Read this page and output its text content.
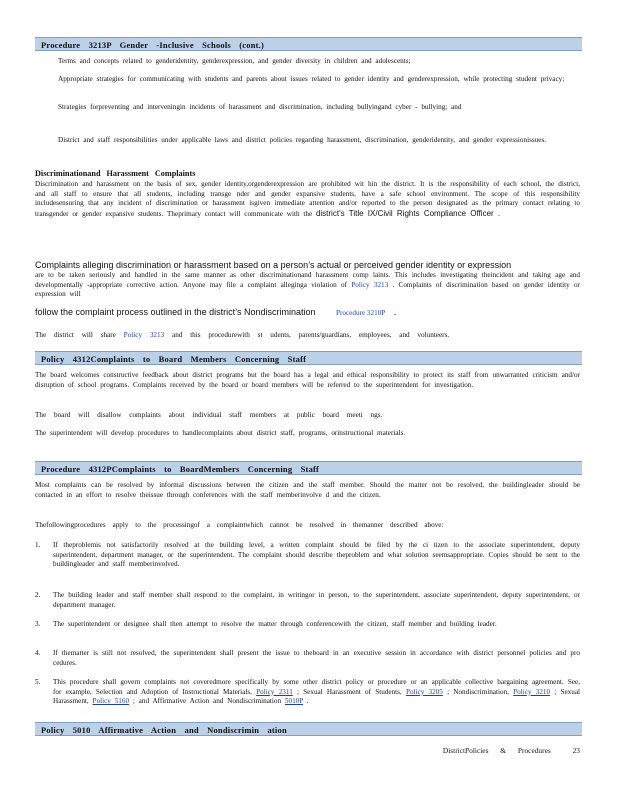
Procedure 3213P Gender -Inclusive Schools (cont.)
Terms and concepts related to genderidentity, genderexpression, and gender diversity in children and adolescents;
Appropriate strategies for communicating with students and parents about issues related to gender identity and genderexpression, while protecting student privacy;
Strategies forpreventing and interveningin incidents of harassment and discrimination, including bullyingand cyber - bullying; and
District and staff responsibilities under applicable laws and district policies regarding harassment, discrimination, genderidentity, and gender expressionissues.
Discriminationand Harassment Complaints
Discrimination and harassment on the basis of sex, gender identity,orgenderexpression are prohibited wit hin the district. It is the responsibility of each school, the district, and all staff to ensure that all students, including transge nder and gender expansive students, have a safe school environment. The scope of this responsibility includesensuring that any incident of discrimination or harassment isgiven immediate attention and/or reported to the person designated as the primary contact relating to transgender or gender expansive students. Theprimary contact will communicate with the district’s Title IX/Civil Rights Compliance Officer .
Complaints alleging discrimination or harassment based on a person’s actual or perceived gender identity or expression
are to be taken seriously and handled in the same manner as other discriminationand harassment comp laints. This includes investigating theincident and taking age and developmentally -appropriate corrective action. Anyone may file a complaint allegingа violation of Policy 3213 . Complaints of discrimination based on gender identity or expression will
follow the complaint process outlined in the district’s Nondiscrimination	Procedure 3210P .
The district will share Policy 3213 and this procedurewith st udents, parents/guardians, employees, and volunteers.
Policy 4312Complaints to Board Members Concerning Staff
The board welcomes constructive feedback about district programs but the board has a legal and ethical responsibility to protect its staff from unwarranted criticism and/or disruption of school programs. Complaints received by the board or board members will be referred to the superintendent for investigation.
The board will disallow complaints about individual staff members at public board meeti ngs.
The superintendent will develop procedures to handlecomplaints about district staff, programs, orinstructional materials.
Procedure 4312PComplaints to BoardMembers Concerning Staff
Most complaints can be resolved by informal discussions between the citizen and the staff member. Should the matter not be resolved, the buildingleader should be contacted in an effort to resolve theissue through conferences with the staff memberinvolve d and the citizen.
Thefollowingprocedures apply to the processingof a complaintwhich cannot be resolved in themanner described above:
1.	If theproblemis not satisfactorily resolved at the building level, a written complaint should be filed by the ci tizen to the associate superintendent, deputy superintendent, department manager, or the superintendent. The complaint should describe theproblem and what solution seemsappropriate. Copies should be sent to the buildingleader and staff memberinvolved.
2.	The building leader and staff member shall respond to the complaint, in writingor in person, to the superintendent, associate superintendent, deputy superintendent, or department manager.
3.	The superintendent or designee shall then attempt to resolve the matter through conferencewith the citizen, staff member and building leader.
4.	If thematter is still not resolved, the superintendent shall present the issue to theboard in an executive session in accordance with district personnel policies and pro cedures.
5.	This procedure shall govern complaints not coveredmore specifically by some other district policy or procedure or an applicable collective bargaining agreement. See, for example, Selection and Adoption of Instructional Materials, Policy 2311 ; Sexual Harassment of Students, Policy 3205 ; Nondiscrimination, Policy 3210 ; Sexual Harassment, Policy 5160 ; and Affirmative Action and Nondiscrimination 5010P .
Policy 5010 Affirmative Action and Nondiscrimin ation
DistrictPolicies & Procedures	23
